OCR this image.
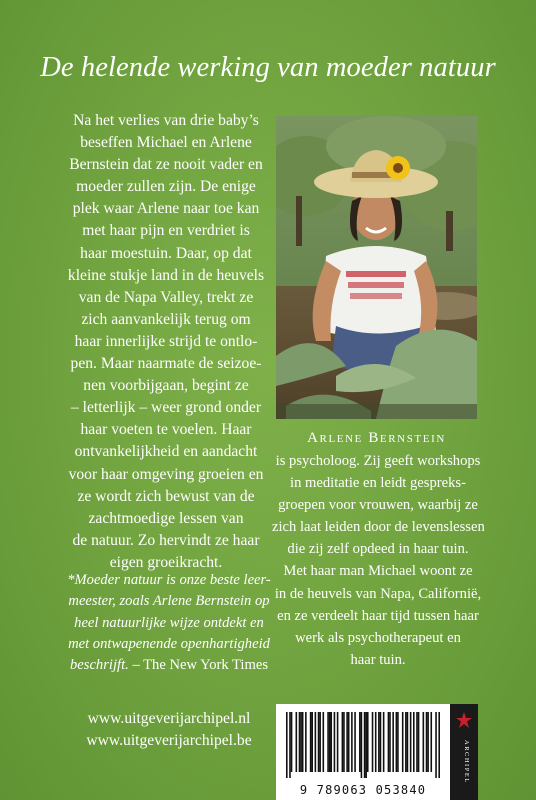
De helende werking van moeder natuur

Na het verlies van drie baby’s
beseffen Michael en Arlene
Bernstein dat ze nooit vader en
moeder zullen zijn. De enige
plek waar Arlene naar toe kan
met haar pijn en verdriet is
haar moestuin. Daar, op dat
kleine stukje land in de heuvels
van de Napa Valley, trekt ze
zich aanvankelijk terug om
haar innerlijke strijd te ontlo-
pen. Maar naarmate de seizoe-
nen voorbijgaan, begint ze
– letterlijk – weer grond onder
haar voeten te voelen. Haar
ontvankelijkheid en aandacht
voor haar omgeving groeien en
ze wordt zich bewust van de
zachtmoedige lessen van
de natuur. Zo hervindt ze haar
eigen groeikracht.

Arlene Bernstein

is psycholoog. Zij geeft workshops
in meditatie en leidt gespreks-
groepen voor vrouwen, waarbij ze
zich laat leiden door de levenslessen
die zij zelf opdeed in haar tuin.
Met haar man Michael woont ze
in de heuvels van Napa, Californië,
en ze verdeelt haar tijd tussen haar
werk als psychotherapeut en
haar tuin.

*Moeder natuur is onze beste leer-
meester, zoals Arlene Bernstein op
heel natuurlijke wijze ontdekt en
met ontwapenende openhartigheid
beschrijft. – The New York Times

www.uitgeverijarchipel.nl
www.uitgeverijarchipel.be
9 789063 053840
ARCHIPEL
